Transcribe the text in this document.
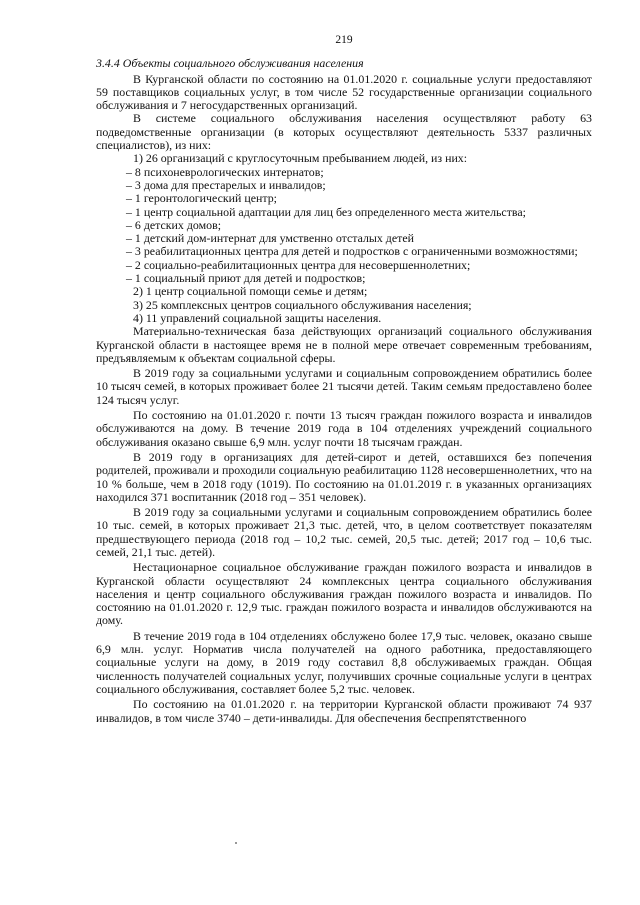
219

3.4.4 Объекты социального обслуживания населения

В Курганской области по состоянию на 01.01.2020 г. социальные услуги предоставляют 59 поставщиков социальных услуг, в том числе 52 государственные организации социального обслуживания и 7 негосударственных организаций.

В системе социального обслуживания населения осуществляют работу 63 подведомственные организации (в которых осуществляют деятельность 5337 различных специалистов), из них:

1) 26 организаций с круглосуточным пребыванием людей, из них:
– 8 психоневрологических интернатов;
– 3 дома для престарелых и инвалидов;
– 1 геронтологический центр;
– 1 центр социальной адаптации для лиц без определенного места жительства;
– 6 детских домов;
– 1 детский дом-интернат для умственно отсталых детей
– 3 реабилитационных центра для детей и подростков с ограниченными возможностями;
– 2 социально-реабилитационных центра для несовершеннолетних;
– 1 социальный приют для детей и подростков;
2) 1 центр социальной помощи семье и детям;
3) 25 комплексных центров социального обслуживания населения;
4) 11 управлений социальной защиты населения.

Материально-техническая база действующих организаций социального обслуживания Курганской области в настоящее время не в полной мере отвечает современным требованиям, предъявляемым к объектам социальной сферы.

В 2019 году за социальными услугами и социальным сопровождением обратились более 10 тысяч семей, в которых проживает более 21 тысячи детей. Таким семьям предоставлено более 124 тысяч услуг.

По состоянию на 01.01.2020 г. почти 13 тысяч граждан пожилого возраста и инвалидов обслуживаются на дому. В течение 2019 года в 104 отделениях учреждений социального обслуживания оказано свыше 6,9 млн. услуг почти 18 тысячам граждан.

В 2019 году в организациях для детей-сирот и детей, оставшихся без попечения родителей, проживали и проходили социальную реабилитацию 1128 несовершеннолетних, что на 10 % больше, чем в 2018 году (1019). По состоянию на 01.01.2019 г. в указанных организациях находился 371 воспитанник (2018 год – 351 человек).

В 2019 году за социальными услугами и социальным сопровождением обратились более 10 тыс. семей, в которых проживает 21,3 тыс. детей, что, в целом соответствует показателям предшествующего периода (2018 год – 10,2 тыс. семей, 20,5 тыс. детей; 2017 год – 10,6 тыс. семей, 21,1 тыс. детей).

Нестационарное социальное обслуживание граждан пожилого возраста и инвалидов в Курганской области осуществляют 24 комплексных центра социального обслуживания населения и центр социального обслуживания граждан пожилого возраста и инвалидов. По состоянию на 01.01.2020 г. 12,9 тыс. граждан пожилого возраста и инвалидов обслуживаются на дому.

В течение 2019 года в 104 отделениях обслужено более 17,9 тыс. человек, оказано свыше 6,9 млн. услуг. Норматив числа получателей на одного работника, предоставляющего социальные услуги на дому, в 2019 году составил 8,8 обслуживаемых граждан. Общая численность получателей социальных услуг, получивших срочные социальные услуги в центрах социального обслуживания, составляет более 5,2 тыс. человек.

По состоянию на 01.01.2020 г. на территории Курганской области проживают 74 937 инвалидов, в том числе 3740 – дети-инвалиды. Для обеспечения беспрепятственного
